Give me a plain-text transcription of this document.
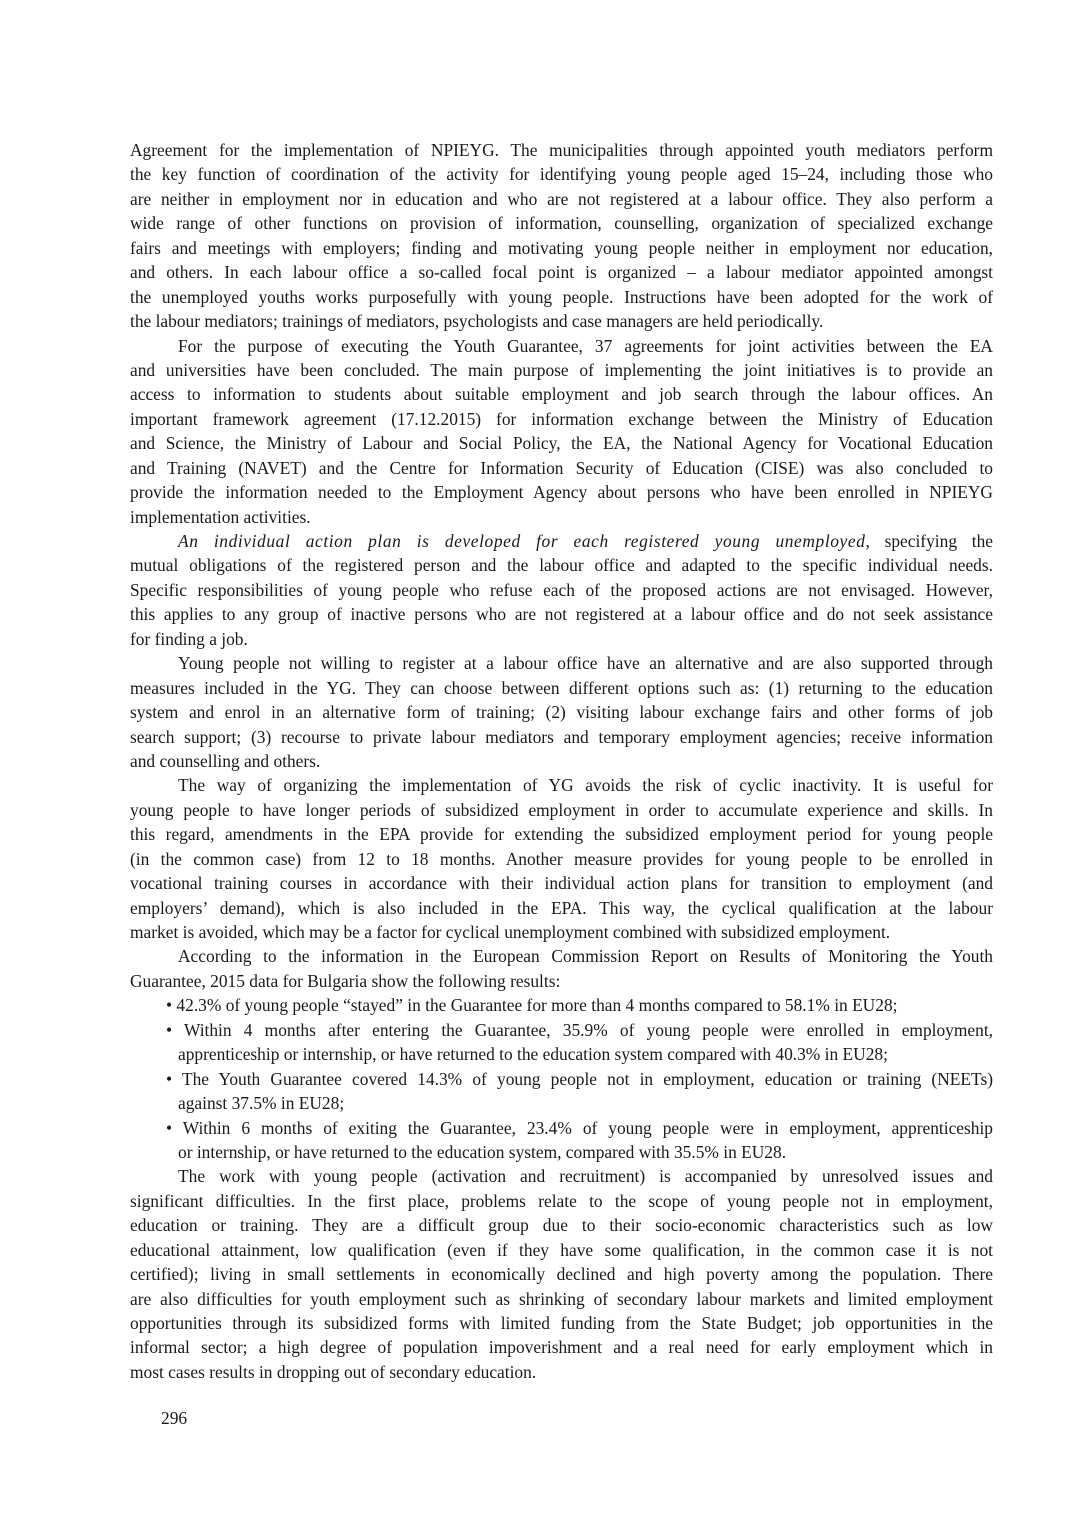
Agreement for the implementation of NPIEYG. The municipalities through appointed youth mediators perform
the key function of coordination of the activity for identifying young people aged 15–24, including those who
are neither in employment nor in education and who are not registered at a labour office. They also perform a
wide range of other functions on provision of information, counselling, organization of specialized exchange
fairs and meetings with employers; finding and motivating young people neither in employment nor education,
and others. In each labour office a so-called focal point is organized – a labour mediator appointed amongst
the unemployed youths works purposefully with young people. Instructions have been adopted for the work of
the labour mediators; trainings of mediators, psychologists and case managers are held periodically.
For the purpose of executing the Youth Guarantee, 37 agreements for joint activities between the EA
and universities have been concluded. The main purpose of implementing the joint initiatives is to provide an
access to information to students about suitable employment and job search through the labour offices. An
important framework agreement (17.12.2015) for information exchange between the Ministry of Education
and Science, the Ministry of Labour and Social Policy, the EA, the National Agency for Vocational Education
and Training (NAVET) and the Centre for Information Security of Education (CISE) was also concluded to
provide the information needed to the Employment Agency about persons who have been enrolled in NPIEYG
implementation activities.
An individual action plan is developed for each registered young unemployed, specifying the
mutual obligations of the registered person and the labour office and adapted to the specific individual needs.
Specific responsibilities of young people who refuse each of the proposed actions are not envisaged. However,
this applies to any group of inactive persons who are not registered at a labour office and do not seek assistance
for finding a job.
Young people not willing to register at a labour office have an alternative and are also supported through
measures included in the YG. They can choose between different options such as: (1) returning to the education
system and enrol in an alternative form of training; (2) visiting labour exchange fairs and other forms of job
search support; (3) recourse to private labour mediators and temporary employment agencies; receive information
and counselling and others.
The way of organizing the implementation of YG avoids the risk of cyclic inactivity. It is useful for
young people to have longer periods of subsidized employment in order to accumulate experience and skills. In
this regard, amendments in the EPA provide for extending the subsidized employment period for young people
(in the common case) from 12 to 18 months. Another measure provides for young people to be enrolled in
vocational training courses in accordance with their individual action plans for transition to employment (and
employers’ demand), which is also included in the EPA. This way, the cyclical qualification at the labour
market is avoided, which may be a factor for cyclical unemployment combined with subsidized employment.
According to the information in the European Commission Report on Results of Monitoring the Youth
Guarantee, 2015 data for Bulgaria show the following results:
• 42.3% of young people “stayed” in the Guarantee for more than 4 months compared to 58.1% in EU28;
• Within 4 months after entering the Guarantee, 35.9% of young people were enrolled in employment,
apprenticeship or internship, or have returned to the education system compared with 40.3% in EU28;
• The Youth Guarantee covered 14.3% of young people not in employment, education or training (NEETs)
against 37.5% in EU28;
• Within 6 months of exiting the Guarantee, 23.4% of young people were in employment, apprenticeship
or internship, or have returned to the education system, compared with 35.5% in EU28.
The work with young people (activation and recruitment) is accompanied by unresolved issues and
significant difficulties. In the first place, problems relate to the scope of young people not in employment,
education or training. They are a difficult group due to their socio-economic characteristics such as low
educational attainment, low qualification (even if they have some qualification, in the common case it is not
certified); living in small settlements in economically declined and high poverty among the population. There
are also difficulties for youth employment such as shrinking of secondary labour markets and limited employment
opportunities through its subsidized forms with limited funding from the State Budget; job opportunities in the
informal sector; a high degree of population impoverishment and a real need for early employment which in
most cases results in dropping out of secondary education.
296
